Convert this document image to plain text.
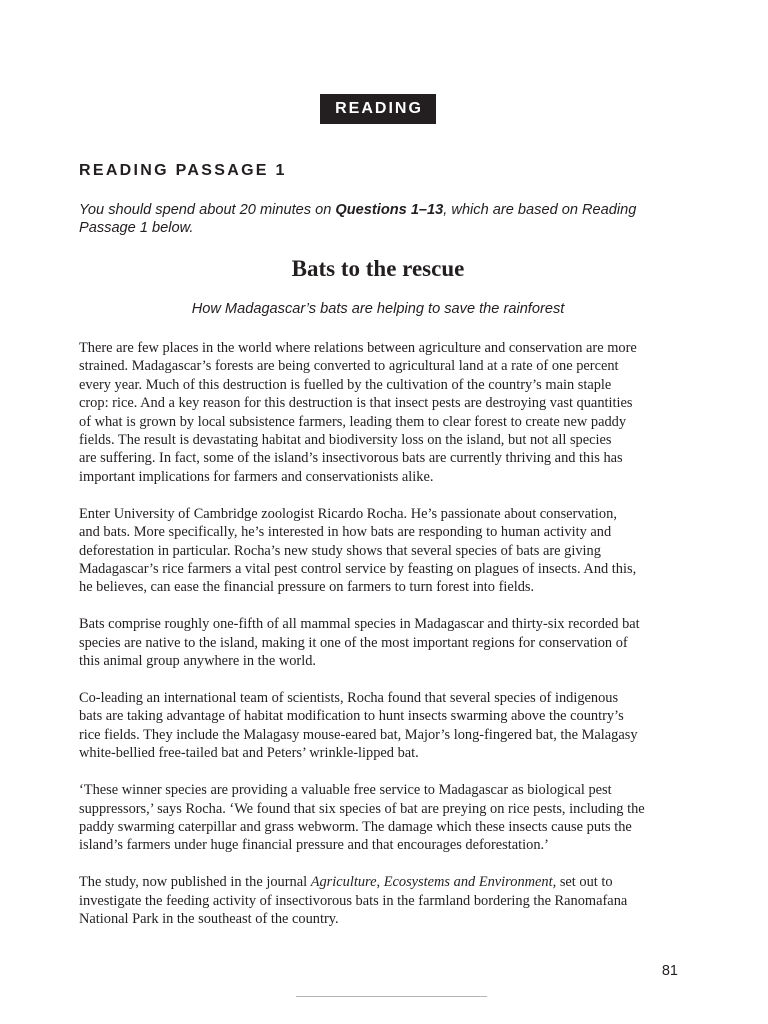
READING
READING PASSAGE 1

You should spend about 20 minutes on Questions 1–13, which are based on Reading
Passage 1 below.

Bats to the rescue

How Madagascar’s bats are helping to save the rainforest

There are few places in the world where relations between agriculture and conservation are more
strained. Madagascar’s forests are being converted to agricultural land at a rate of one percent
every year. Much of this destruction is fuelled by the cultivation of the country’s main staple
crop: rice. And a key reason for this destruction is that insect pests are destroying vast quantities
of what is grown by local subsistence farmers, leading them to clear forest to create new paddy
fields. The result is devastating habitat and biodiversity loss on the island, but not all species
are suffering. In fact, some of the island’s insectivorous bats are currently thriving and this has
important implications for farmers and conservationists alike.

Enter University of Cambridge zoologist Ricardo Rocha. He’s passionate about conservation,
and bats. More specifically, he’s interested in how bats are responding to human activity and
deforestation in particular. Rocha’s new study shows that several species of bats are giving
Madagascar’s rice farmers a vital pest control service by feasting on plagues of insects. And this,
he believes, can ease the financial pressure on farmers to turn forest into fields.

Bats comprise roughly one-fifth of all mammal species in Madagascar and thirty-six recorded bat
species are native to the island, making it one of the most important regions for conservation of
this animal group anywhere in the world.

Co-leading an international team of scientists, Rocha found that several species of indigenous
bats are taking advantage of habitat modification to hunt insects swarming above the country’s
rice fields. They include the Malagasy mouse-eared bat, Major’s long-fingered bat, the Malagasy
white-bellied free-tailed bat and Peters’ wrinkle-lipped bat.

‘These winner species are providing a valuable free service to Madagascar as biological pest
suppressors,’ says Rocha. ‘We found that six species of bat are preying on rice pests, including the
paddy swarming caterpillar and grass webworm. The damage which these insects cause puts the
island’s farmers under huge financial pressure and that encourages deforestation.’

The study, now published in the journal Agriculture, Ecosystems and Environment, set out to
investigate the feeding activity of insectivorous bats in the farmland bordering the Ranomafana
National Park in the southeast of the country.

81
